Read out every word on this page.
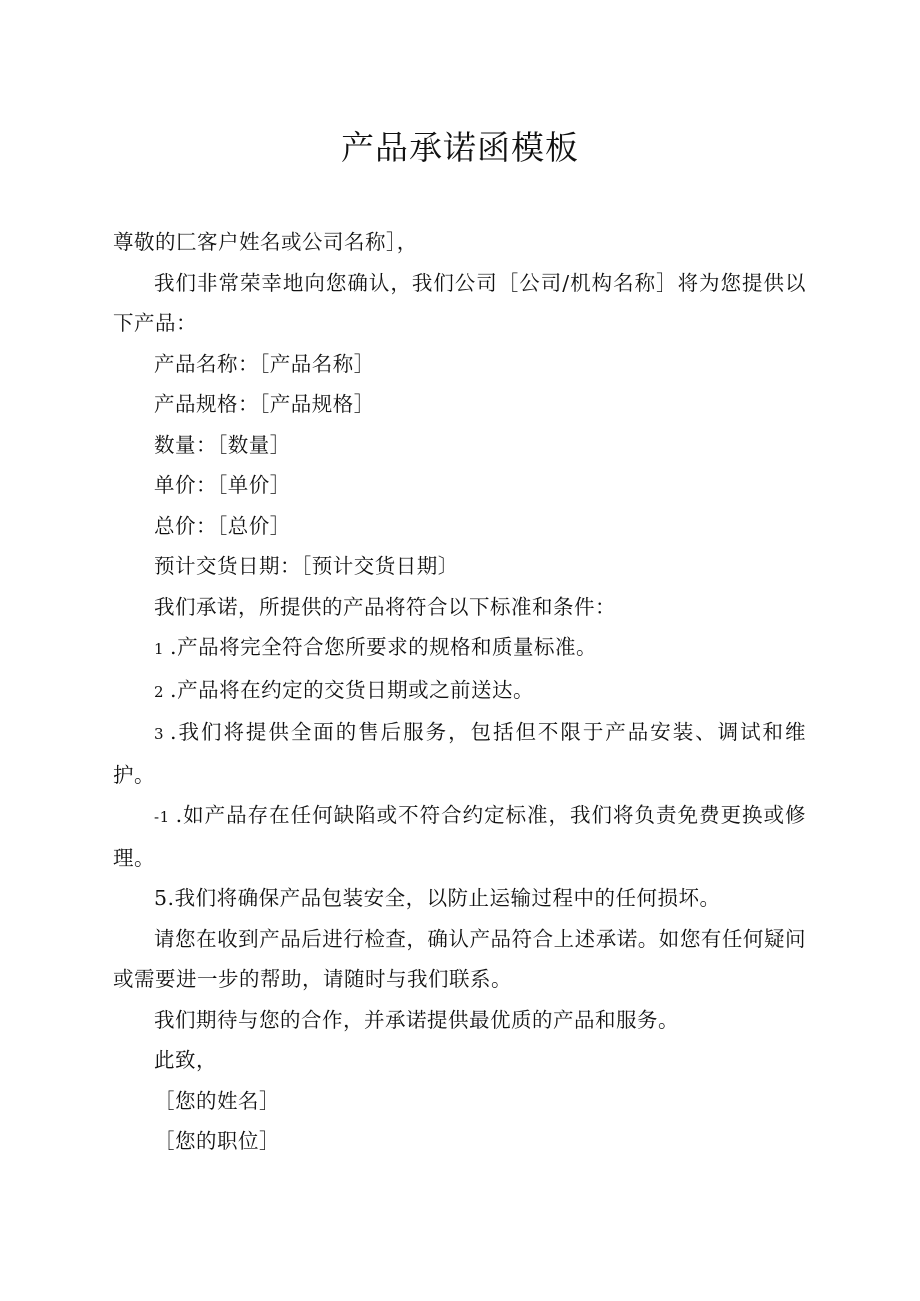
产品承诺函模板

尊敬的匚客户姓名或公司名称］，

我们非常荣幸地向您确认，我们公司［公司/机构名称］将为您提供以下产品：

产品名称：［产品名称］

产品规格：［产品规格］

数量：［数量］

单价：［单价］

总价：［总价］

预计交货日期：［预计交货日期〕

我们承诺，所提供的产品将符合以下标准和条件：

1 .产品将完全符合您所要求的规格和质量标准。

2 .产品将在约定的交货日期或之前送达。

3 .我们将提供全面的售后服务，包括但不限于产品安装、调试和维护。

-1 .如产品存在任何缺陷或不符合约定标准，我们将负责免费更换或修理。

5.我们将确保产品包装安全，以防止运输过程中的任何损坏。

请您在收到产品后进行检查，确认产品符合上述承诺。如您有任何疑问或需要进一步的帮助，请随时与我们联系。

我们期待与您的合作，并承诺提供最优质的产品和服务。

此致，

［您的姓名］

［您的职位］
